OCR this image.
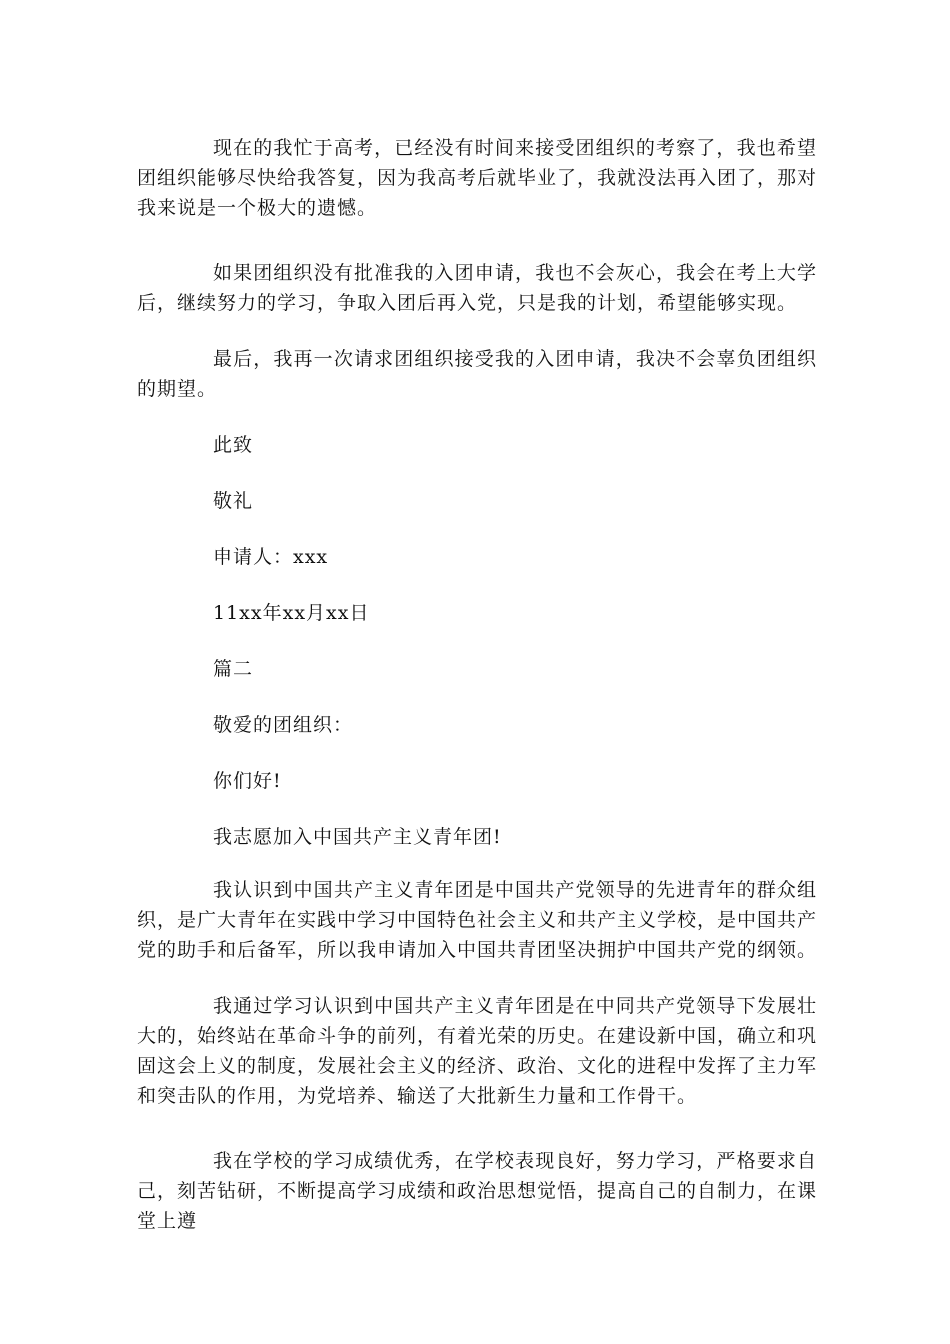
现在的我忙于高考，已经没有时间来接受团组织的考察了，我也希望团组织能够尽快给我答复，因为我高考后就毕业了，我就没法再入团了，那对我来说是一个极大的遗憾。

如果团组织没有批准我的入团申请，我也不会灰心，我会在考上大学后，继续努力的学习，争取入团后再入党，只是我的计划，希望能够实现。

最后，我再一次请求团组织接受我的入团申请，我决不会辜负团组织的期望。

此致

敬礼

申请人：xxx

11xx年xx月xx日

篇二

敬爱的团组织：

你们好!

我志愿加入中国共产主义青年团!

我认识到中国共产主义青年团是中国共产党领导的先进青年的群众组织，是广大青年在实践中学习中国特色社会主义和共产主义学校，是中国共产党的助手和后备军，所以我申请加入中国共青团坚决拥护中国共产党的纲领。

我通过学习认识到中国共产主义青年团是在中同共产党领导下发展壮大的，始终站在革命斗争的前列，有着光荣的历史。在建设新中国，确立和巩固这会上义的制度，发展社会主义的经济、政治、文化的进程中发挥了主力军和突击队的作用，为党培养、输送了大批新生力量和工作骨干。

我在学校的学习成绩优秀，在学校表现良好，努力学习，严格要求自己，刻苦钻研，不断提高学习成绩和政治思想觉悟，提高自己的自制力，在课堂上遵
